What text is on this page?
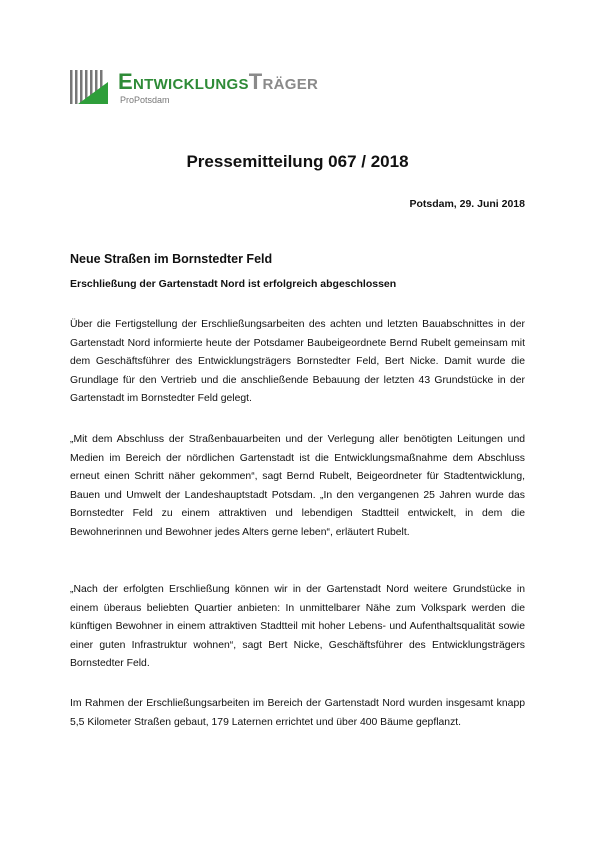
EntwicklungsTräger
ProPotsdam
Pressemitteilung 067 / 2018
Potsdam, 29. Juni 2018
Neue Straßen im Bornstedter Feld
Erschließung der Gartenstadt Nord ist erfolgreich abgeschlossen

Über die Fertigstellung der Erschließungsarbeiten des achten und letzten Bauabschnittes in der Gartenstadt Nord informierte heute der Potsdamer Baubeigeordnete Bernd Rubelt gemeinsam mit dem Geschäftsführer des Entwicklungsträgers Bornstedter Feld, Bert Nicke. Damit wurde die Grundlage für den Vertrieb und die anschließende Bebauung der letzten 43 Grundstücke in der Gartenstadt im Bornstedter Feld gelegt.

„Mit dem Abschluss der Straßenbauarbeiten und der Verlegung aller benötigten Leitungen und Medien im Bereich der nördlichen Gartenstadt ist die Entwicklungsmaßnahme dem Abschluss erneut einen Schritt näher gekommen“, sagt Bernd Rubelt, Beigeordneter für Stadtentwicklung, Bauen und Umwelt der Landeshauptstadt Potsdam. „In den vergangenen 25 Jahren wurde das Bornstedter Feld zu einem attraktiven und lebendigen Stadtteil entwickelt, in dem die Bewohnerinnen und Bewohner jedes Alters gerne leben“, erläutert Rubelt.

„Nach der erfolgten Erschließung können wir in der Gartenstadt Nord weitere Grundstücke in einem überaus beliebten Quartier anbieten: In unmittelbarer Nähe zum Volkspark werden die künftigen Bewohner in einem attraktiven Stadtteil mit hoher Lebens- und Aufenthaltsqualität sowie einer guten Infrastruktur wohnen“, sagt Bert Nicke, Geschäftsführer des Entwicklungsträgers Bornstedter Feld.

Im Rahmen der Erschließungsarbeiten im Bereich der Gartenstadt Nord wurden insgesamt knapp 5,5 Kilometer Straßen gebaut, 179 Laternen errichtet und über 400 Bäume gepflanzt.
